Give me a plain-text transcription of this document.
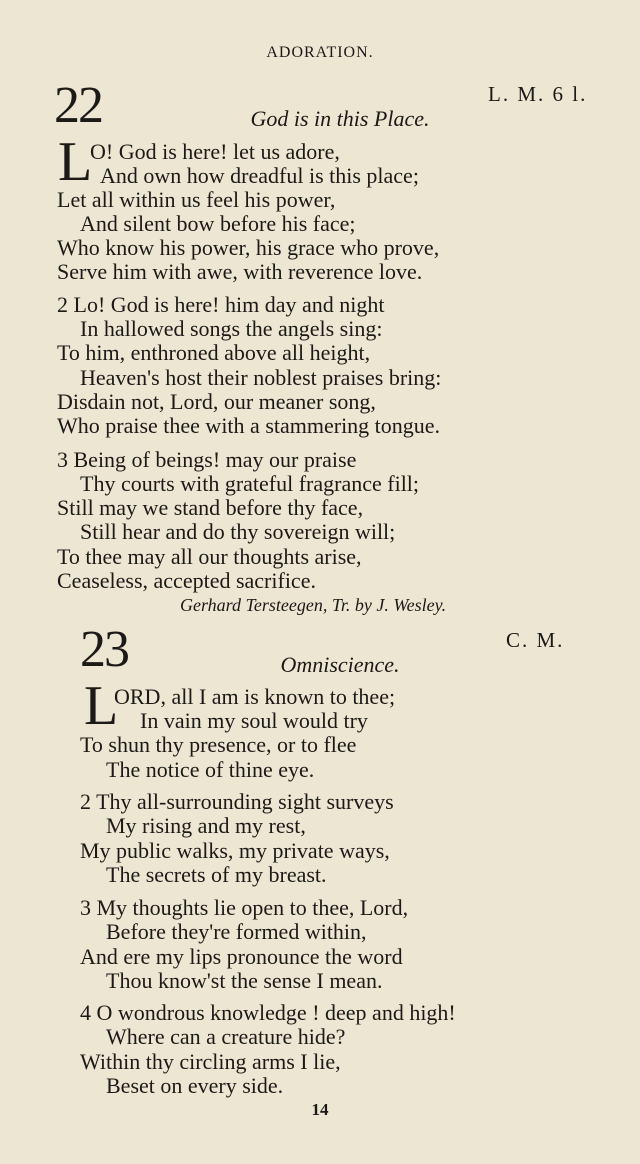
ADORATION.
22	L. M. 6 l.
God is in this Place.
L
O! God is here! let us adore,
And own how dreadful is this place;
Let all within us feel his power,
And silent bow before his face;
Who know his power, his grace who prove,
Serve him with awe, with reverence love.
2 Lo! God is here! him day and night
In hallowed songs the angels sing:
To him, enthroned above all height,
Heaven's host their noblest praises bring:
Disdain not, Lord, our meaner song,
Who praise thee with a stammering tongue.
3 Being of beings! may our praise
Thy courts with grateful fragrance fill;
Still may we stand before thy face,
Still hear and do thy sovereign will;
To thee may all our thoughts arise,
Ceaseless, accepted sacrifice.
Gerhard Tersteegen, Tr. by J. Wesley.
23	C. M.
Omniscience.
L
ORD, all I am is known to thee;
In vain my soul would try
To shun thy presence, or to flee
The notice of thine eye.
2 Thy all-surrounding sight surveys
My rising and my rest,
My public walks, my private ways,
The secrets of my breast.
3 My thoughts lie open to thee, Lord,
Before they're formed within,
And ere my lips pronounce the word
Thou know'st the sense I mean.
4 O wondrous knowledge ! deep and high!
Where can a creature hide?
Within thy circling arms I lie,
Beset on every side.
14
